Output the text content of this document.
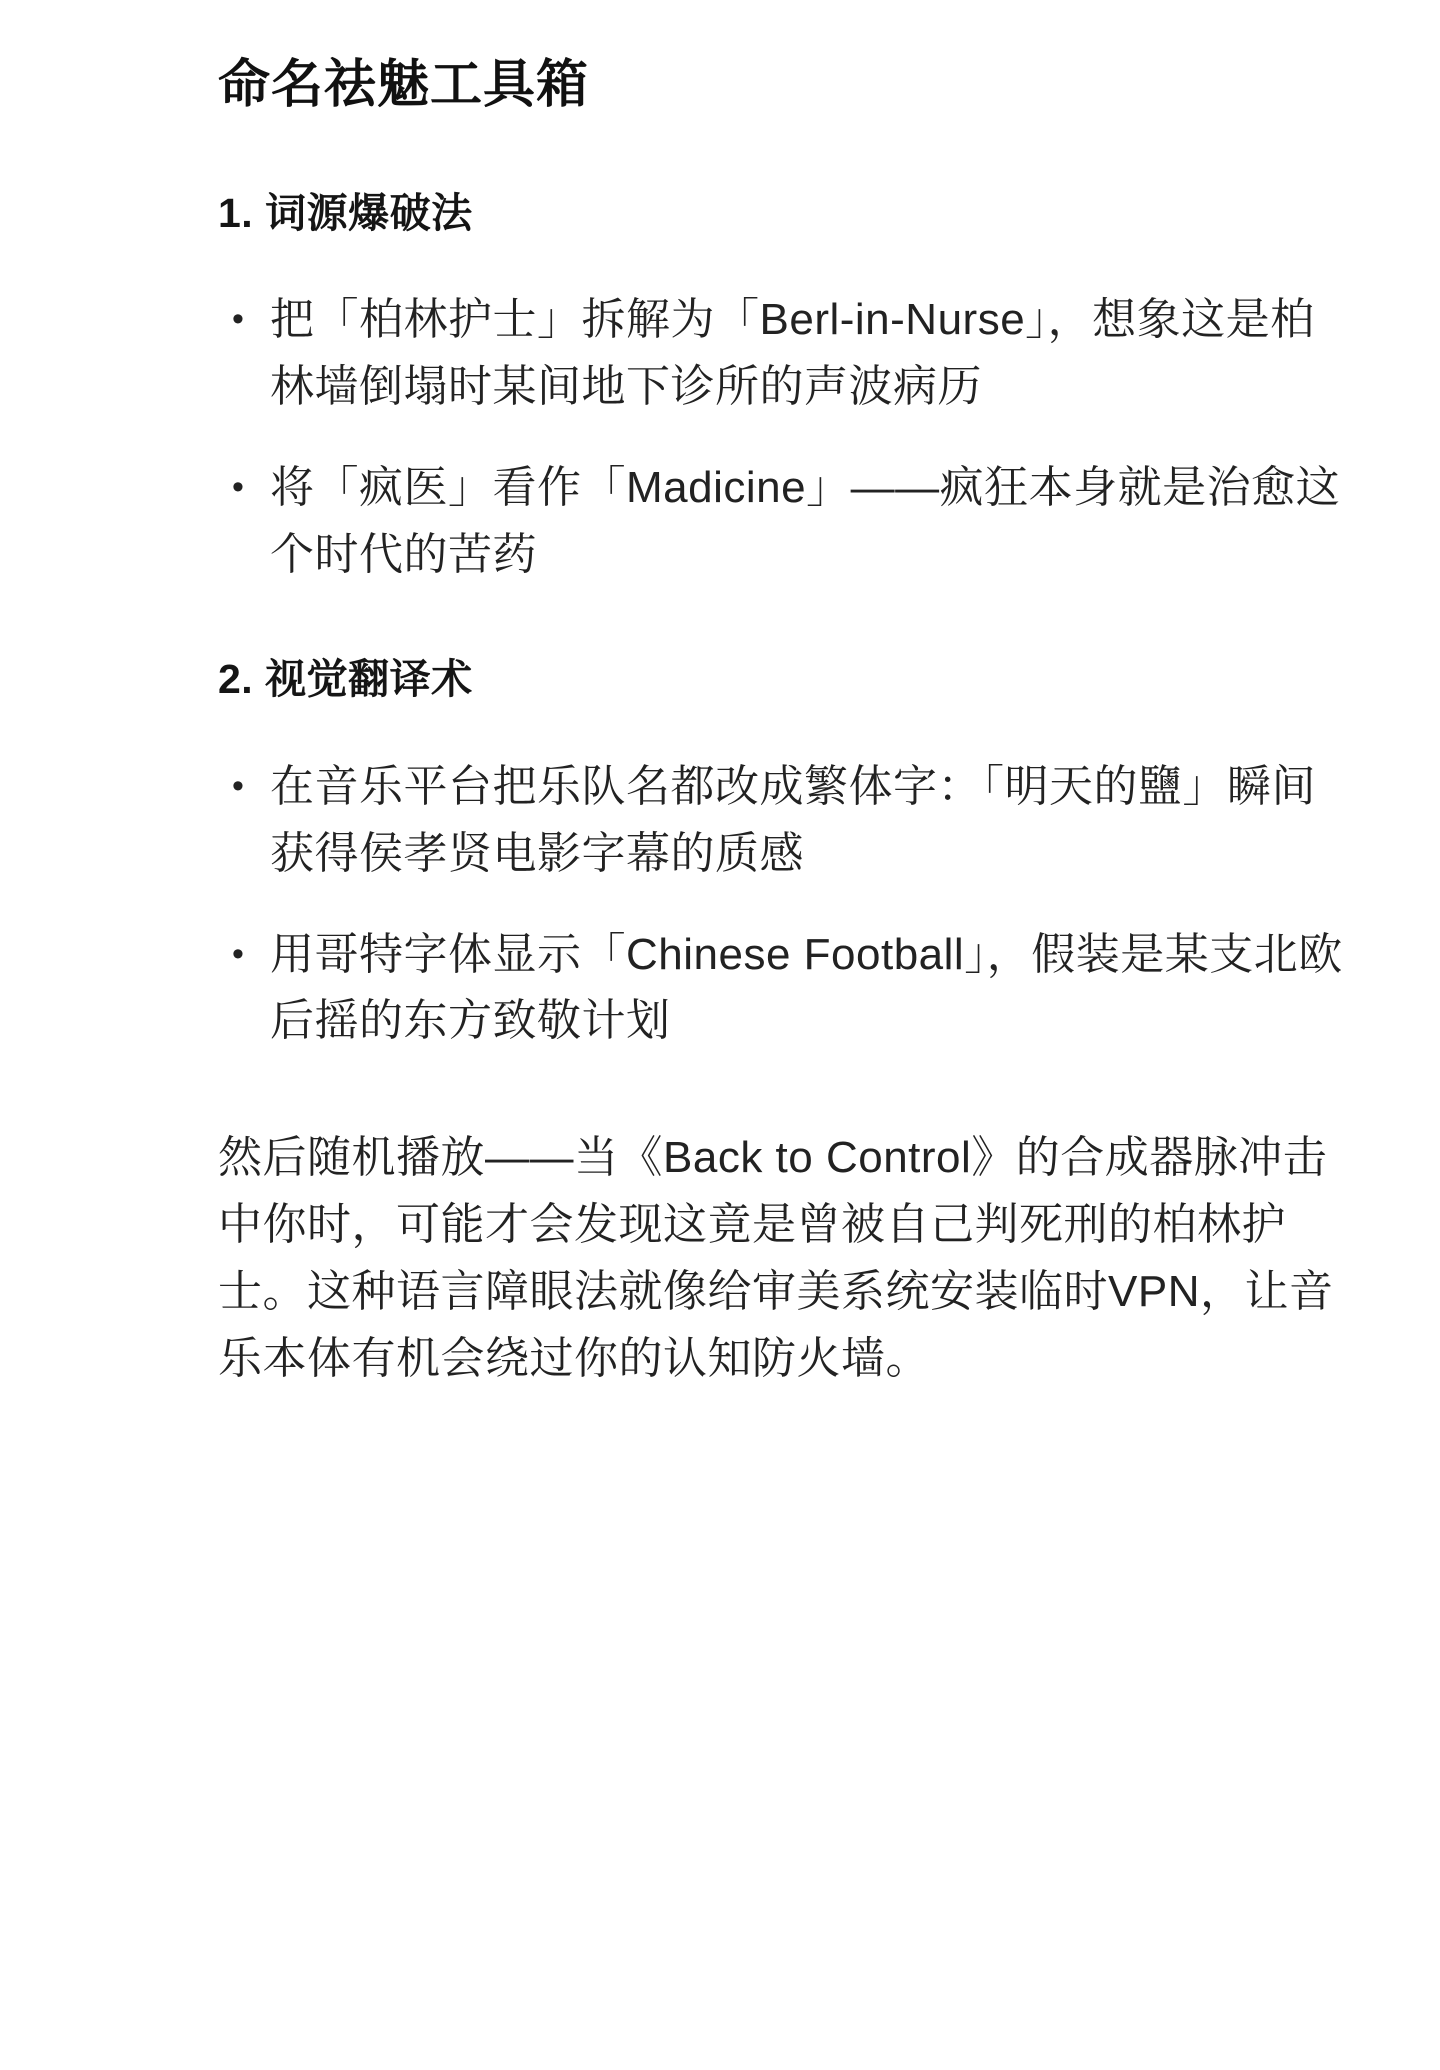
命名祛魅工具箱
1. 词源爆破法
• 把「柏林护士」拆解为「Berl-in-Nurse」，想象这是柏林墙倒塌时某间地下诊所的声波病历
• 将「疯医」看作「Madicine」——疯狂本身就是治愈这个时代的苦药
2. 视觉翻译术
• 在音乐平台把乐队名都改成繁体字：「明天的鹽」瞬间获得侯孝贤电影字幕的质感
• 用哥特字体显示「Chinese Football」，假装是某支北欧后摇的东方致敬计划

然后随机播放——当《Back to Control》的合成器脉冲击中你时，可能才会发现这竟是曾被自己判死刑的柏林护士。这种语言障眼法就像给审美系统安装临时VPN，让音乐本体有机会绕过你的认知防火墙。
